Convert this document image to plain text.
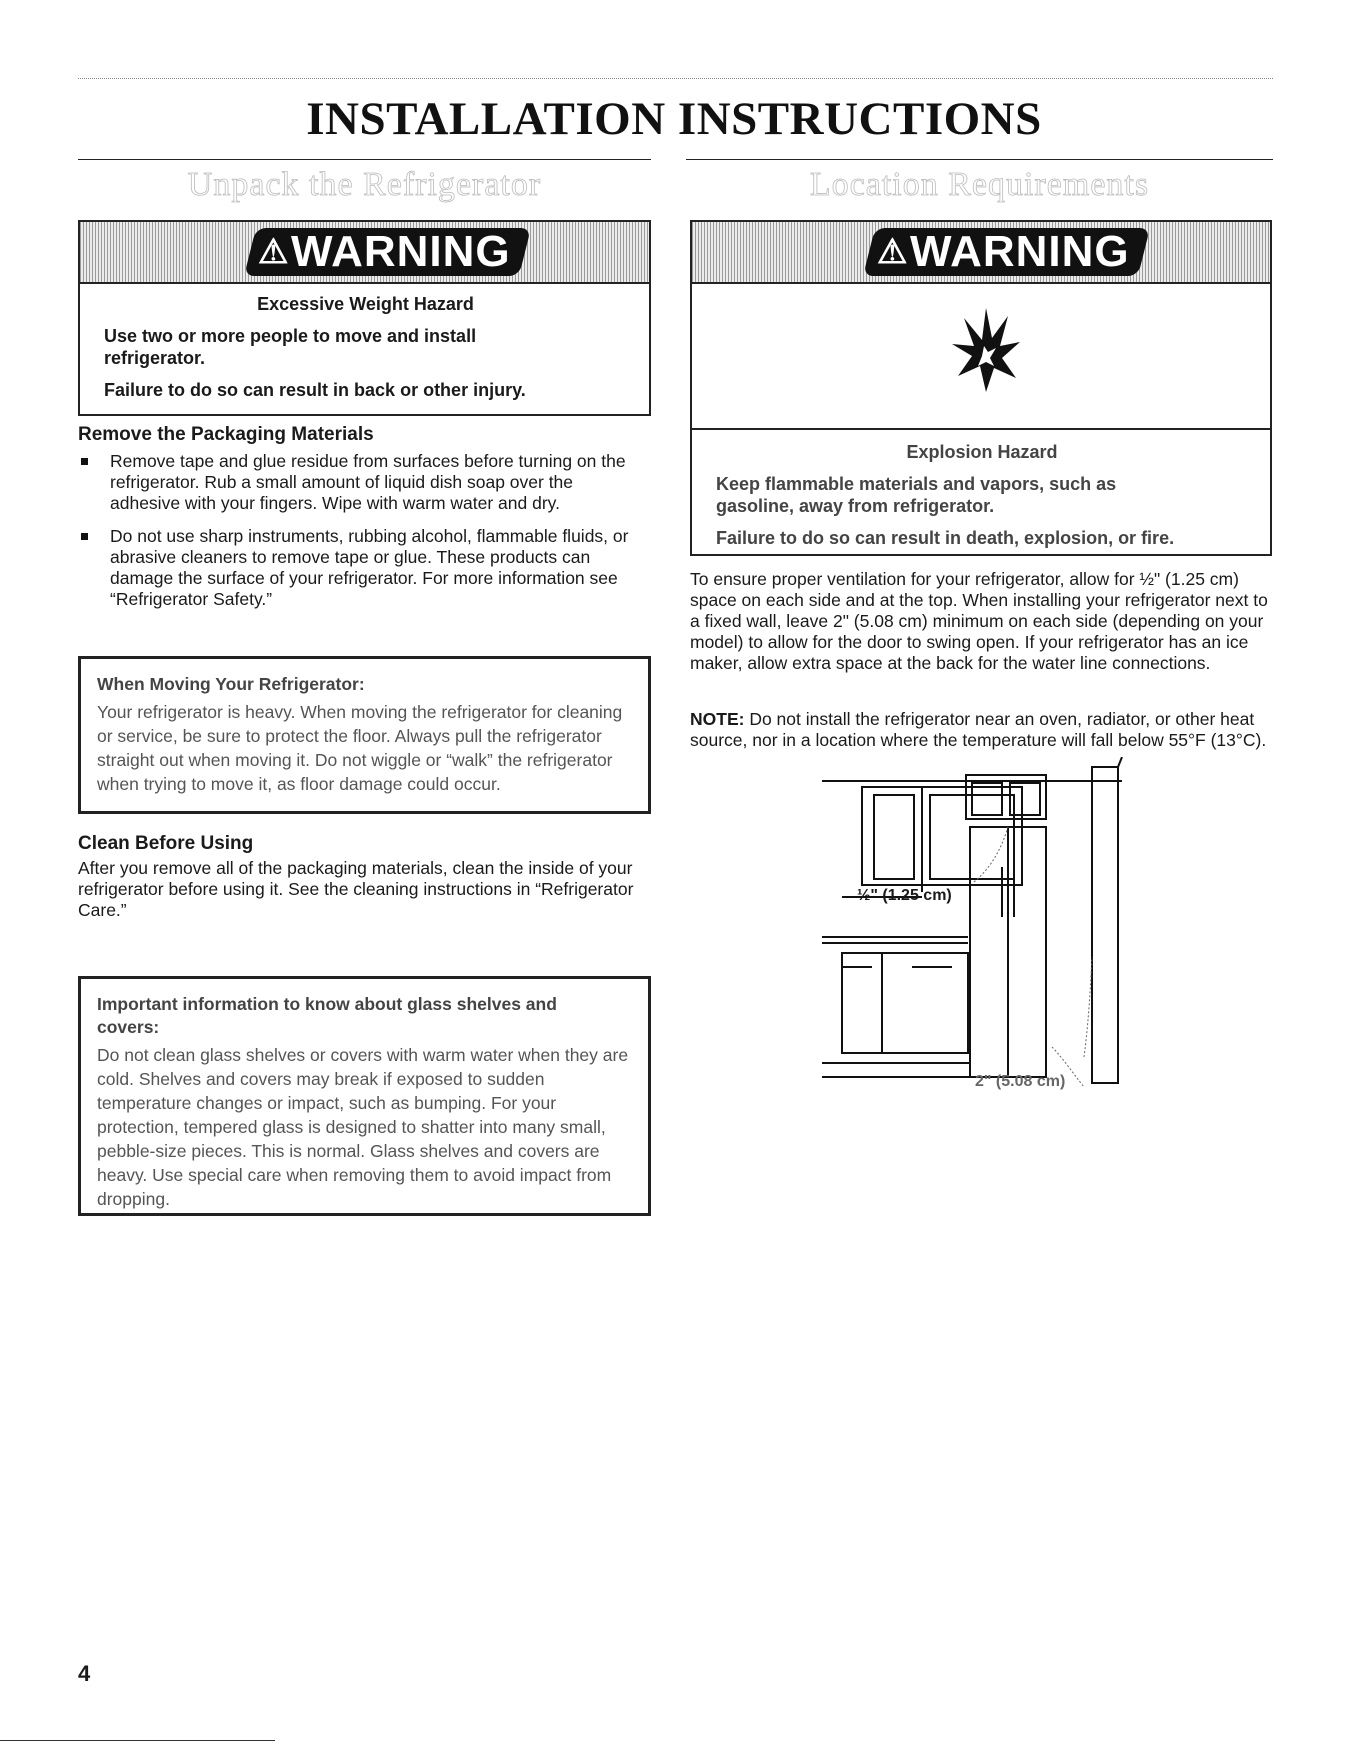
INSTALLATION INSTRUCTIONS
Unpack the Refrigerator
⚠ WARNING
Excessive Weight Hazard

Use two or more people to move and install refrigerator.

Failure to do so can result in back or other injury.

Remove the Packaging Materials
Remove tape and glue residue from surfaces before turning on the refrigerator. Rub a small amount of liquid dish soap over the adhesive with your fingers. Wipe with warm water and dry.
Do not use sharp instruments, rubbing alcohol, flammable fluids, or abrasive cleaners to remove tape or glue. These products can damage the surface of your refrigerator. For more information see “Refrigerator Safety.”
When Moving Your Refrigerator:
Your refrigerator is heavy. When moving the refrigerator for cleaning or service, be sure to protect the floor. Always pull the refrigerator straight out when moving it. Do not wiggle or “walk” the refrigerator when trying to move it, as floor damage could occur.
Clean Before Using
After you remove all of the packaging materials, clean the inside of your refrigerator before using it. See the cleaning instructions in “Refrigerator Care.”
Important information to know about glass shelves and covers:
Do not clean glass shelves or covers with warm water when they are cold. Shelves and covers may break if exposed to sudden temperature changes or impact, such as bumping. For your protection, tempered glass is designed to shatter into many small, pebble-size pieces. This is normal. Glass shelves and covers are heavy. Use special care when removing them to avoid impact from dropping.
Location Requirements
⚠ WARNING
Explosion Hazard

Keep flammable materials and vapors, such as gasoline, away from refrigerator.

Failure to do so can result in death, explosion, or fire.

To ensure proper ventilation for your refrigerator, allow for ½" (1.25 cm) space on each side and at the top. When installing your refrigerator next to a fixed wall, leave 2" (5.08 cm) minimum on each side (depending on your model) to allow for the door to swing open. If your refrigerator has an ice maker, allow extra space at the back for the water line connections.
NOTE: Do not install the refrigerator near an oven, radiator, or other heat source, nor in a location where the temperature will fall below 55°F (13°C).
½" (1.25 cm)
2" (5.08 cm)
4
